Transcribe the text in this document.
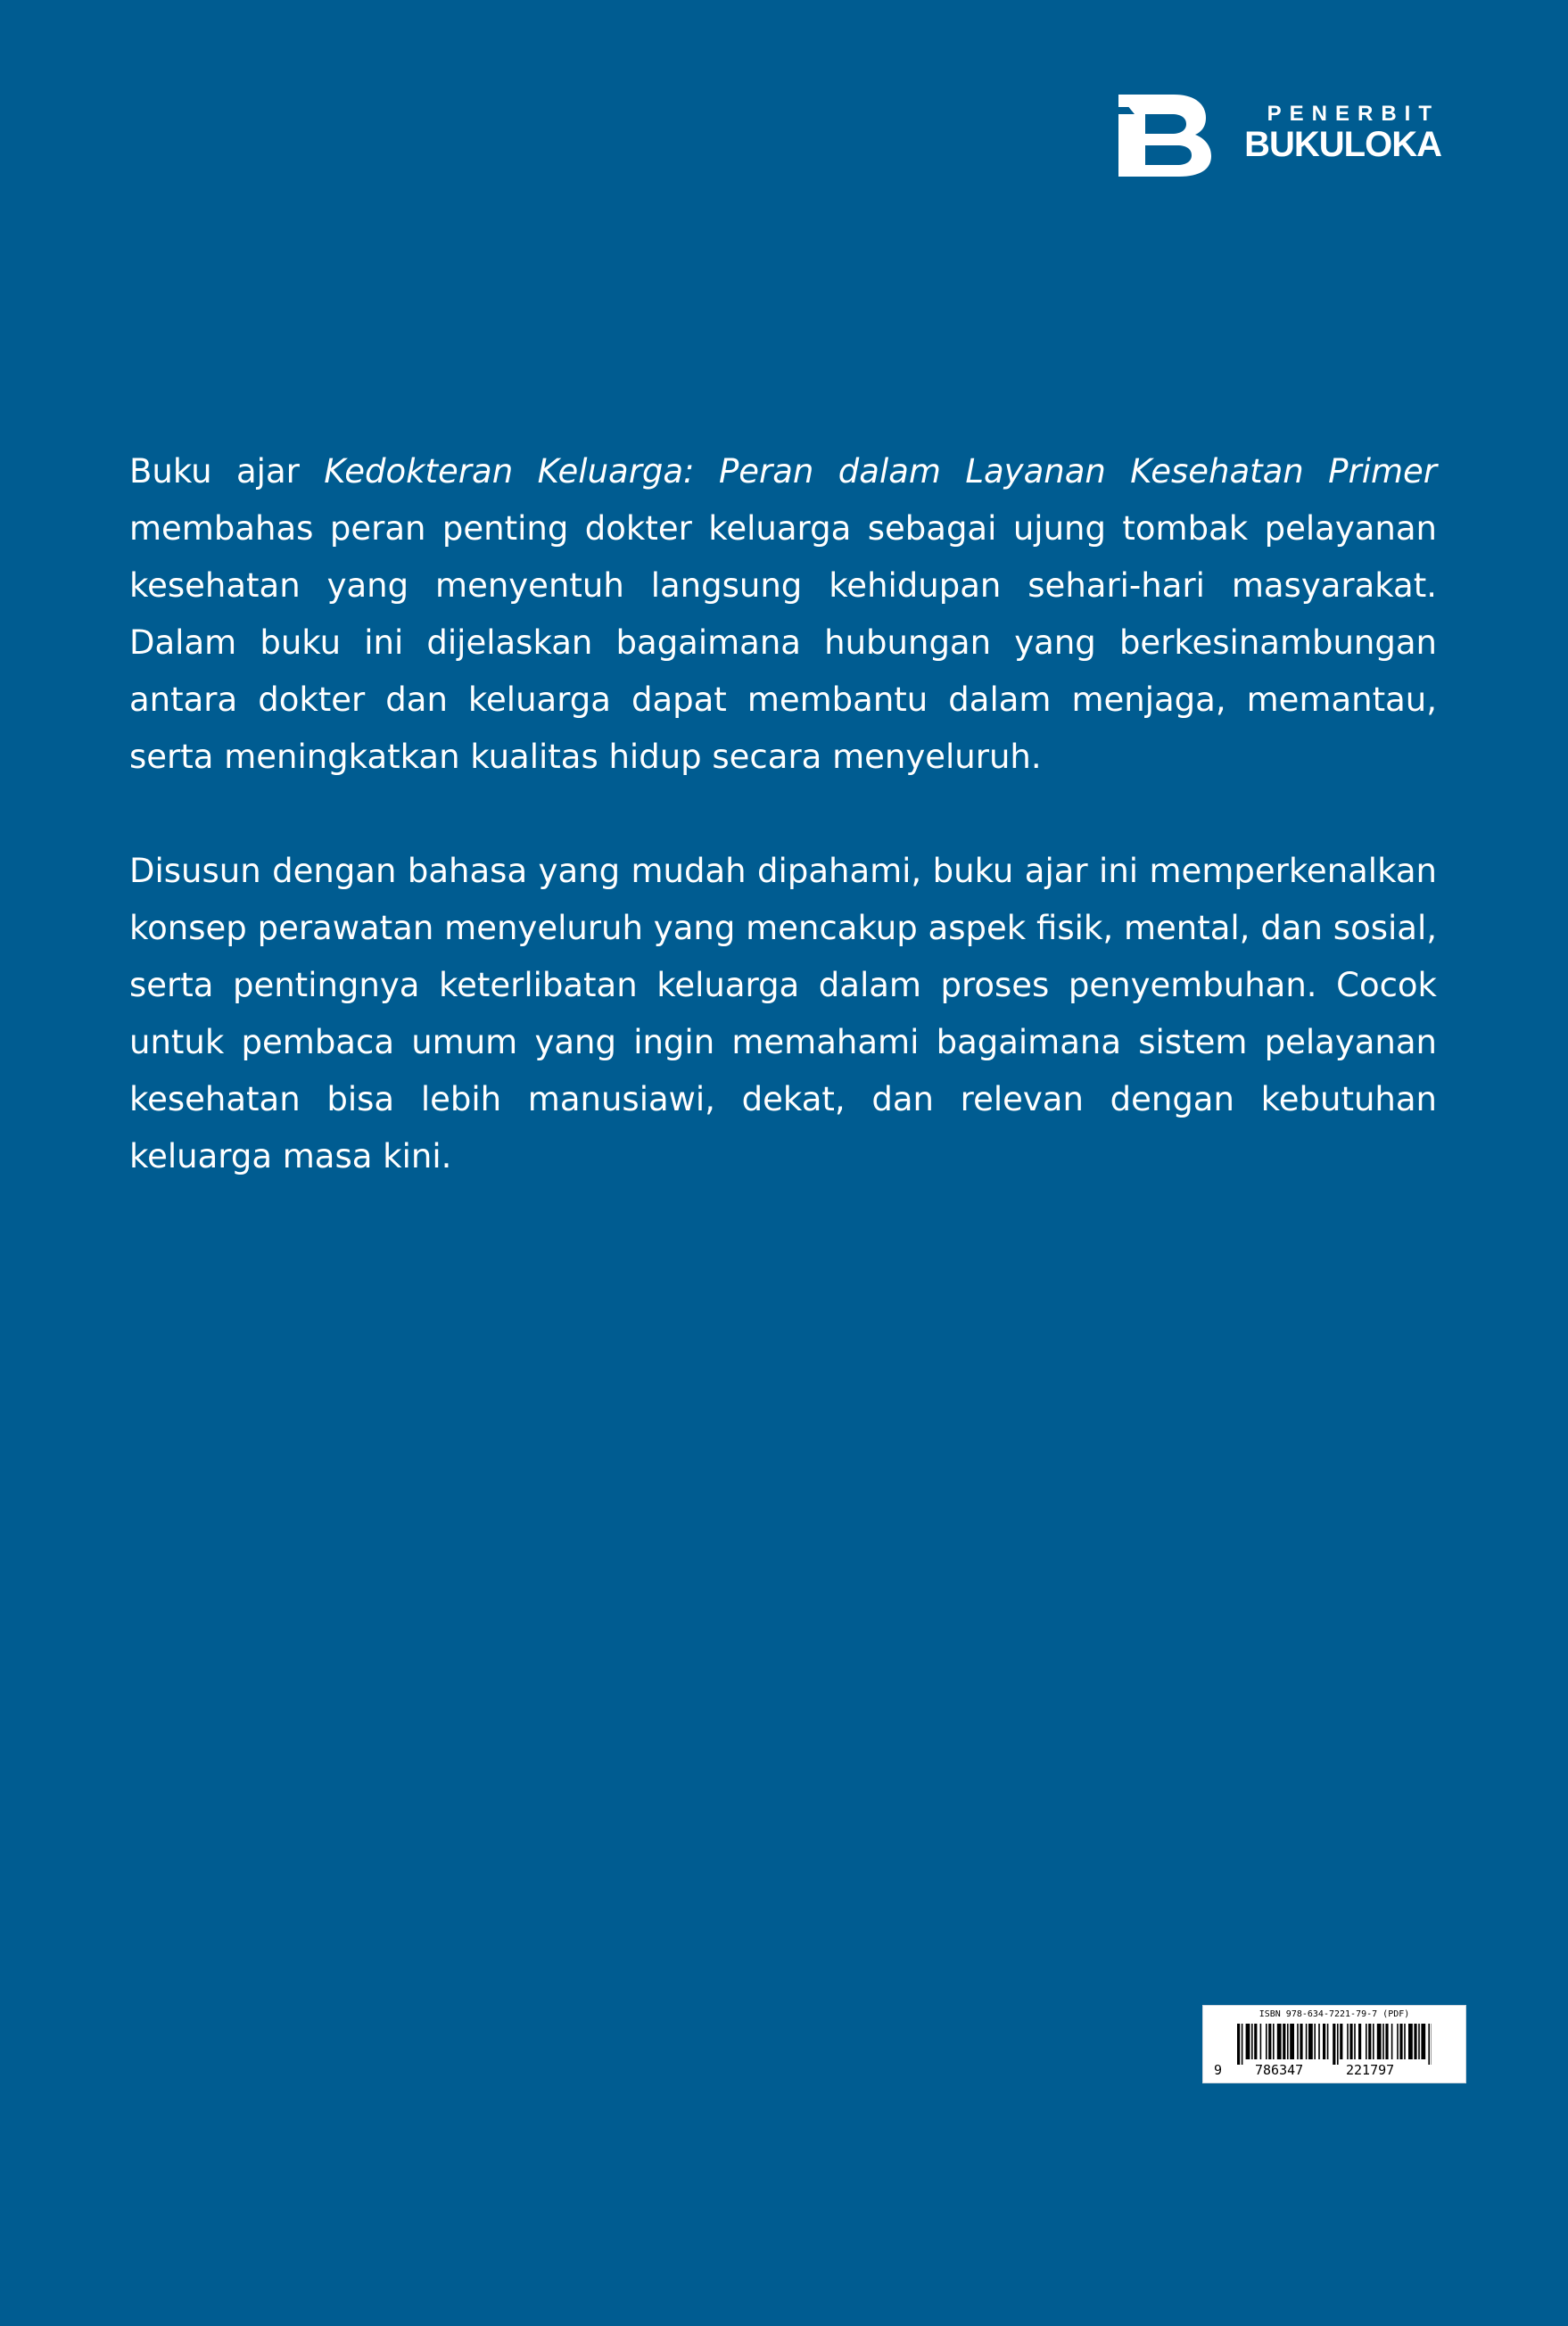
PENERBIT
BUKULOKA

Buku ajar Kedokteran Keluarga: Peran dalam Layanan Kesehatan Primer membahas peran penting dokter keluarga sebagai ujung tombak pelayanan kesehatan yang menyentuh langsung kehidupan sehari-hari masyarakat. Dalam buku ini dijelaskan bagaimana hubungan yang berkesinambungan antara dokter dan keluarga dapat membantu dalam menjaga, memantau, serta meningkatkan kualitas hidup secara menyeluruh.

Disusun dengan bahasa yang mudah dipahami, buku ajar ini memperkenalkan konsep perawatan menyeluruh yang mencakup aspek fisik, mental, dan sosial, serta pentingnya keterlibatan keluarga dalam proses penyembuhan. Cocok untuk pembaca umum yang ingin memahami bagaimana sistem pelayanan kesehatan bisa lebih manusiawi, dekat, dan relevan dengan kebutuhan keluarga masa kini.

ISBN 978-634-7221-79-7 (PDF)
9 786347	221797
